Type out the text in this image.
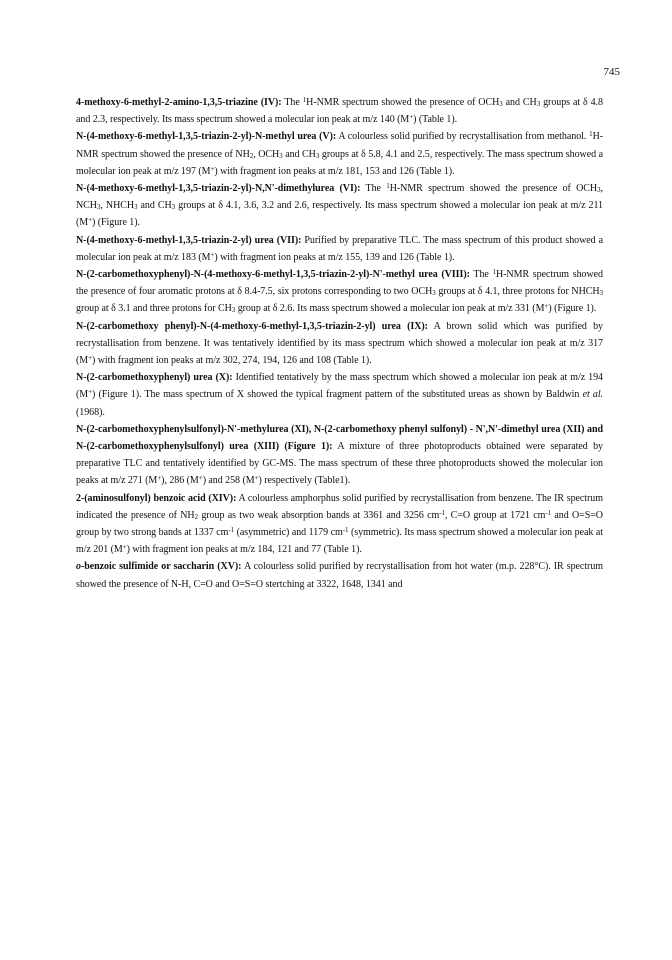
745

4-methoxy-6-methyl-2-amino-1,3,5-triazine (IV): The $^1$H-NMR spectrum showed the presence of $OCH_3$ and $CH_3$ groups at δ 4.8 and 2.3, respectively. Its mass spectrum showed a molecular ion peak at m/z 140 (M+) (Table 1).

N-(4-methoxy-6-methyl-1,3,5-triazin-2-yl)-N-methyl urea (V): A colourless solid purified by recrystallisation from methanol. $^1$H-NMR spectrum showed the presence of $NH_2$, $OCH_3$ and $CH_3$ groups at δ 5.8, 4.1 and 2.5, respectively. The mass spectrum showed a molecular ion peak at m/z 197 (M+) with fragment ion peaks at m/z 181, 153 and 126 (Table 1).

N-(4-methoxy-6-methyl-1,3,5-triazin-2-yl)-N,N'-dimethylurea (VI): The $^1$H-NMR spectrum showed the presence of $OCH_3$, $NCH_3$, $NHCH_3$ and $CH_3$ groups at δ 4.1, 3.6, 3.2 and 2.6, respectively. Its mass spectrum showed a molecular ion peak at m/z 211 (M+) (Figure 1).

N-(4-methoxy-6-methyl-1,3,5-triazin-2-yl) urea (VII): Purified by preparative TLC. The mass spectrum of this product showed a molecular ion peak at m/z 183 (M+) with fragment ion peaks at m/z 155, 139 and 126 (Table 1).

N-(2-carbomethoxyphenyl)-N-(4-methoxy-6-methyl-1,3,5-triazin-2-yl)-N'-methyl urea (VIII): The $^1$H-NMR spectrum showed the presence of four aromatic protons at δ 8.4-7.5, six protons corresponding to two $OCH_3$ groups at δ 4.1, three protons for $NHCH_3$ group at δ 3.1 and three protons for $CH_3$ group at δ 2.6. Its mass spectrum showed a molecular ion peak at m/z 331 (M+) (Figure 1).

N-(2-carbomethoxy phenyl)-N-(4-methoxy-6-methyl-1,3,5-triazin-2-yl) urea (IX): A brown solid which was purified by recrystallisation from benzene. It was tentatively identified by its mass spectrum which showed a molecular ion peak at m/z 317 (M+) with fragment ion peaks at m/z 302, 274, 194, 126 and 108 (Table 1).

N-(2-carbomethoxyphenyl) urea (X): Identified tentatively by the mass spectrum which showed a molecular ion peak at m/z 194 (M+) (Figure 1). The mass spectrum of X showed the typical fragment pattern of the substituted ureas as shown by Baldwin et al. (1968).

N-(2-carbomethoxyphenylsulfonyl)-N'-methylurea (XI), N-(2-carbomethoxy phenyl sulfonyl) - N',N'-dimethyl urea (XII) and N-(2-carbomethoxyphenylsulfonyl) urea (XIII) (Figure 1): A mixture of three photoproducts obtained were separated by preparative TLC and tentatively identified by GC-MS. The mass spectrum of these three photoproducts showed the molecular ion peaks at m/z 271 (M+), 286 (M+) and 258 (M+) respectively (Table1).

2-(aminosulfonyl) benzoic acid (XIV): A colourless amphorphus solid purified by recrystallisation from benzene. The IR spectrum indicated the presence of $NH_2$ group as two weak absorption bands at 3361 and 3256 $cm^{-1}$, C=O group at 1721 $cm^{-1}$ and O=S=O group by two strong bands at 1337 $cm^{-1}$ (asymmetric) and 1179 $cm^{-1}$ (symmetric). Its mass spectrum showed a molecular ion peak at m/z 201 (M+) with fragment ion peaks at m/z 184, 121 and 77 (Table 1).

o-benzoic sulfimide or saccharin (XV): A colourless solid purified by recrystallisation from hot water (m.p. 228°C). IR spectrum showed the presence of N-H, C=O and O=S=O stertching at 3322, 1648, 1341 and
